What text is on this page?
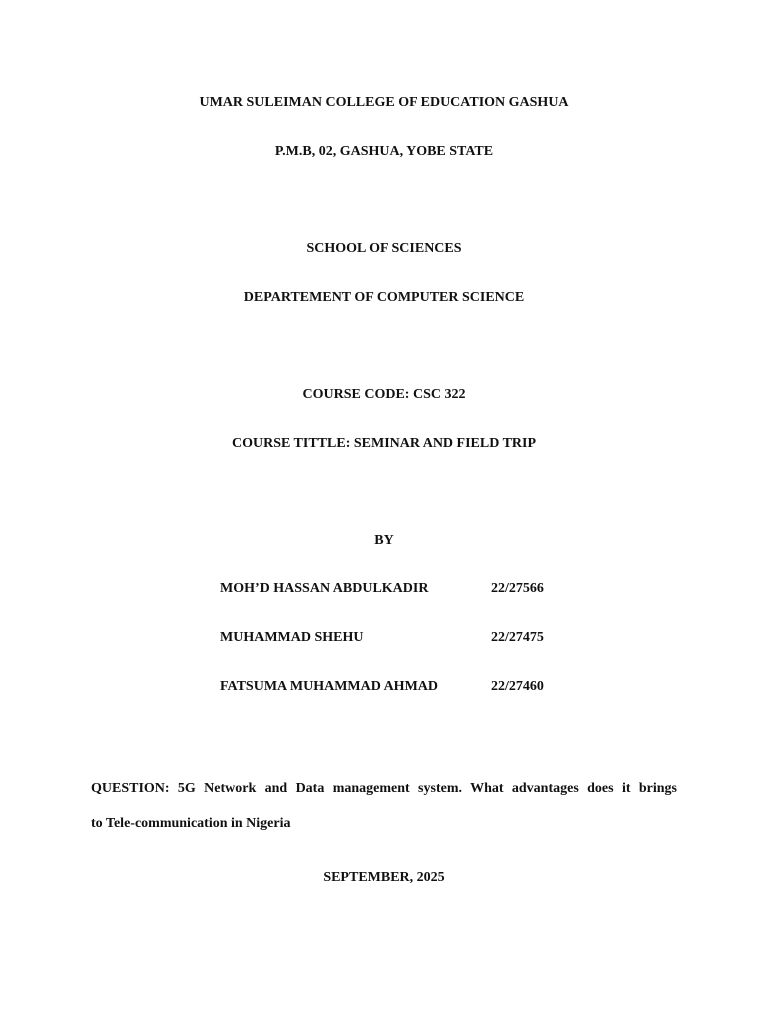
UMAR SULEIMAN COLLEGE OF EDUCATION GASHUA
P.M.B, 02, GASHUA, YOBE STATE
SCHOOL OF SCIENCES
DEPARTEMENT OF COMPUTER SCIENCE
COURSE CODE: CSC 322
COURSE TITTLE: SEMINAR AND FIELD TRIP
BY
MOH’D HASSAN ABDULKADIR	22/27566
MUHAMMAD SHEHU	22/27475
FATSUMA MUHAMMAD AHMAD	22/27460
QUESTION: 5G Network and Data management system. What advantages does it brings
to Tele-communication in Nigeria
SEPTEMBER, 2025
